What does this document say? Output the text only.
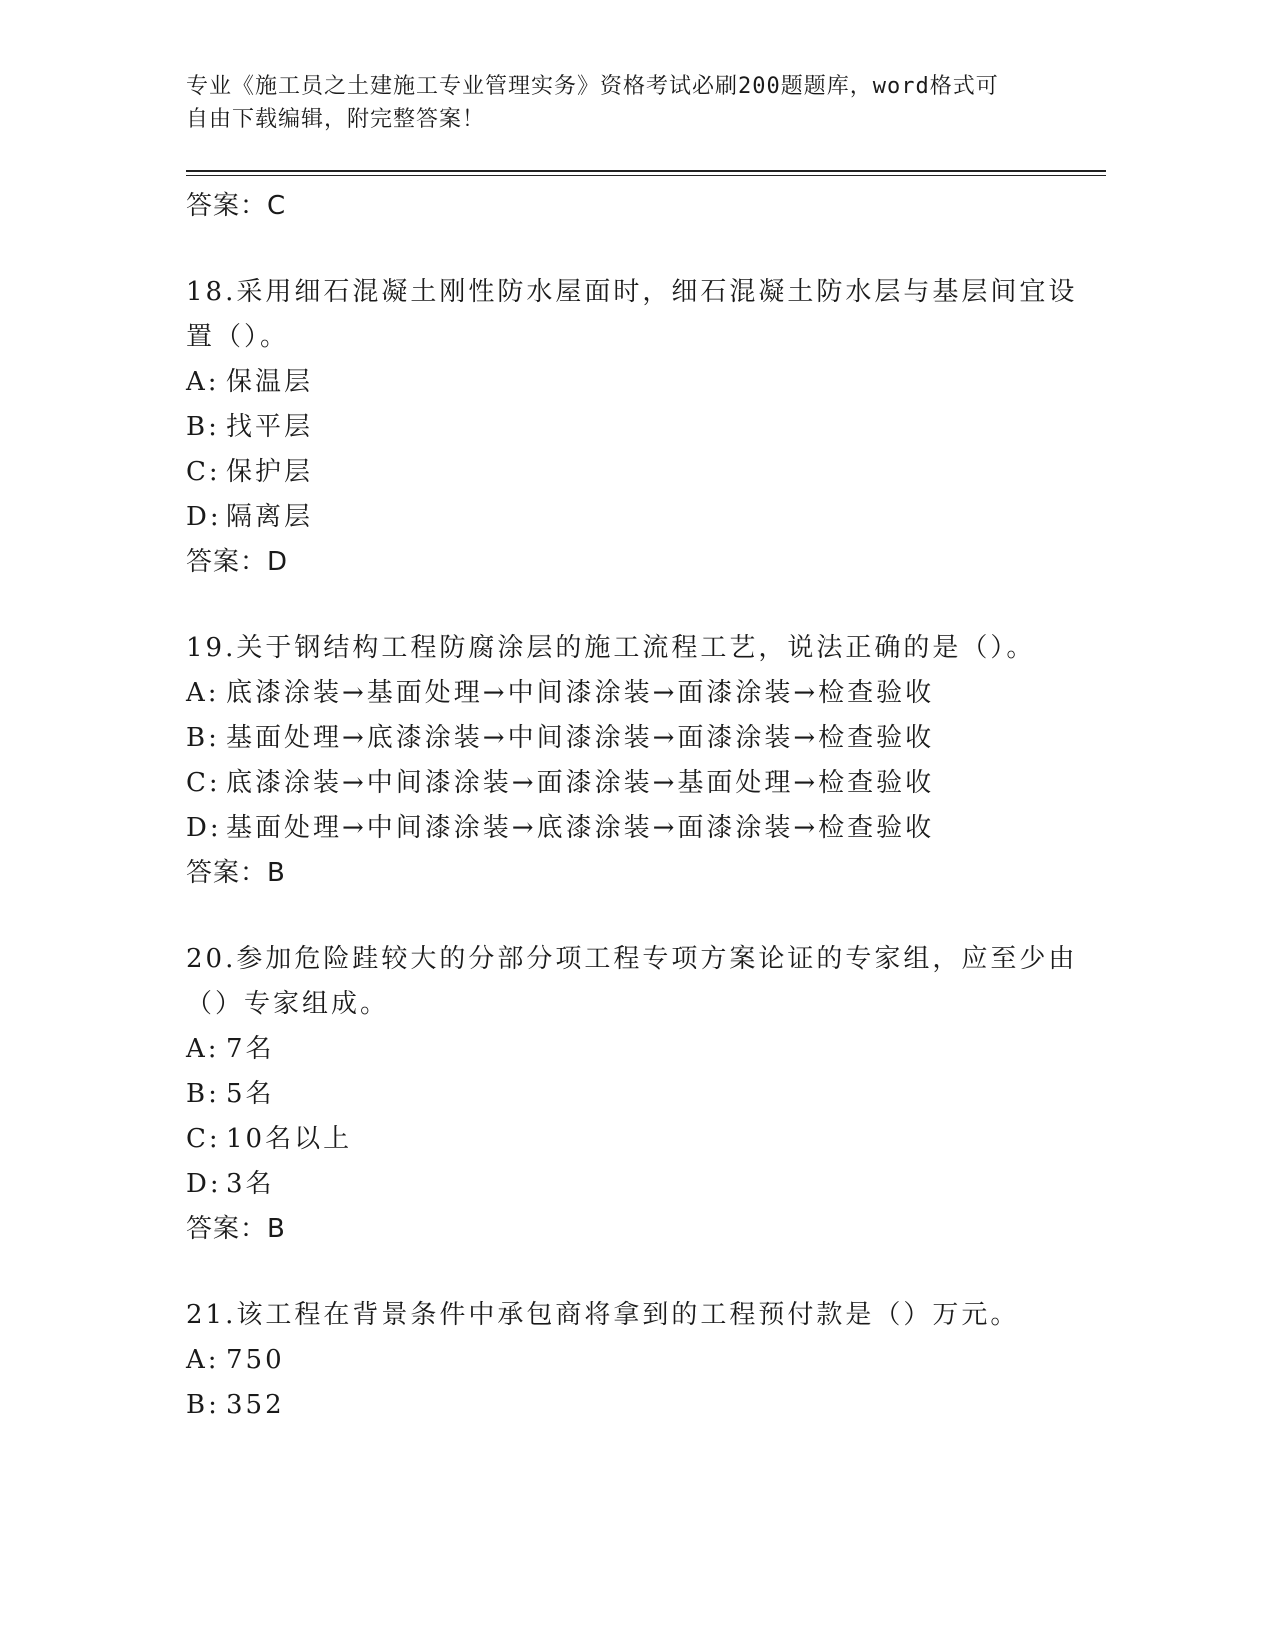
专业《施工员之土建施工专业管理实务》资格考试必刷200题题库，word格式可
自由下载编辑，附完整答案！
答案：C
18.采用细石混凝土刚性防水屋面时，细石混凝土防水层与基层间宜设置（）。
A: 保温层
B: 找平层
C: 保护层
D: 隔离层
答案：D
19.关于钢结构工程防腐涂层的施工流程工艺，说法正确的是（）。
A: 底漆涂装→基面处理→中间漆涂装→面漆涂装→检查验收
B: 基面处理→底漆涂装→中间漆涂装→面漆涂装→检查验收
C: 底漆涂装→中间漆涂装→面漆涂装→基面处理→检查验收
D: 基面处理→中间漆涂装→底漆涂装→面漆涂装→检查验收
答案：B
20.参加危险跬较大的分部分项工程专项方案论证的专家组，应至少由（）专家组成。
A: 7名
B: 5名
C: 10名以上
D: 3名
答案：B
21.该工程在背景条件中承包商将拿到的工程预付款是（）万元。
A: 750
B: 352
